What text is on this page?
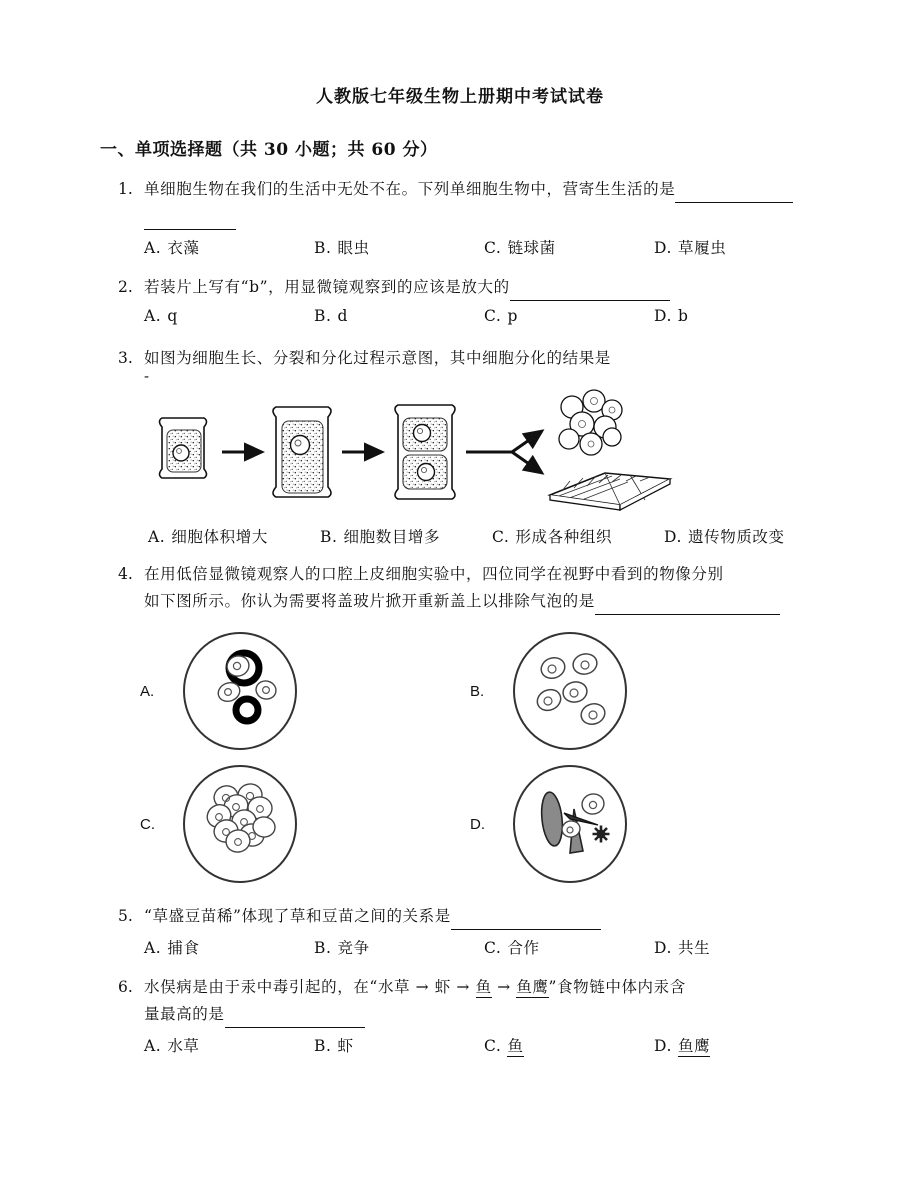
人教版七年级生物上册期中考试试卷
一、单项选择题（共 30 小题；共 60 分）
1. 单细胞生物在我们的生活中无处不在。下列单细胞生物中，营寄生生活的是

A. 衣藻	B. 眼虫	C. 链球菌	D. 草履虫
2. 若装片上写有“b”，用显微镜观察到的应该是放大的
A. q	B. d	C. p	D. b
3. 如图为细胞生长、分裂和分化过程示意图，其中细胞分化的结果是
-
A. 细胞体积增大	B. 细胞数目增多	C. 形成各种组织	D. 遗传物质改变
4. 在用低倍显微镜观察人的口腔上皮细胞实验中，四位同学在视野中看到的物像分别
如下图所示。你认为需要将盖玻片掀开重新盖上以排除气泡的是
A.	B.
C.	D.
5. “草盛豆苗稀”体现了草和豆苗之间的关系是
A. 捕食	B. 竞争	C. 合作	D. 共生
6. 水俣病是由于汞中毒引起的，在“水草 → 虾 → 鱼 → 鱼鹰”食物链中体内汞含
量最高的是
A. 水草	B. 虾	C. 鱼	D. 鱼鹰
